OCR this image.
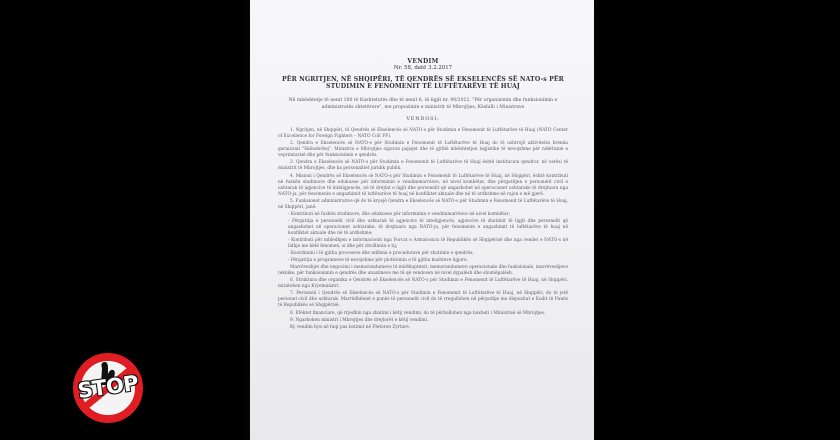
VENDIM
Nr. 58, datë 3.2.2017
PËR NGRITJEN, NË SHQIPËRI, TË QENDRËS SË EKSELENCËS SË NATO-s PËR
STUDIMIN E FENOMENIT TË LUFTËTARËVE TË HUAJ
Në mbështetje të nenit 100 të Kushtetutës dhe të nenit 6, të ligjit nr. 90/2012, "Për organizimin dhe funksionimin e administratës shtetërore", me propozimin e ministrit të Mbrojtjes, Këshilli i Ministrave
VENDOSI:
1. Ngritjen, në Shqipëri, të Qendrës së Ekselencës së NATO-s për Studimin e Fenomenit të Luftëtarëve të Huaj (NATO Center of Excellence for Foreign Fighters – NATO CoE FF).
2. Qendra e Ekselencës së NATO-s për Studimin e Fenomenit të Luftëtarëve të Huaj do të ushtrojë aktivitetin brenda garnizonit "Skënderbej". Ministria e Mbrojtjes siguron pajisjet dhe të gjithë mbështetjen logjistike të nevojshme për ndërtimin e veprimtarisë dhe për funksionimin e qendrës.
3. Qendra e Ekselencës së NATO-s për Studimin e Fenomenit të Luftëtarëve të Huaj është institucion qendror, në varësi të ministrit të Mbrojtjes, dhe ka personalitet juridik publik.
4. Misioni i Qendrës së Ekselencës së NATO-s për Studimin e Fenomenit të Luftëtarëve të Huaj, në Shqipëri, është kontributi në fushën studimore dhe edukuese për informimin e vendimmarrësve, në nivel kombëtar, dhe përgatitjen e personelit civil e ushtarak të agjencive të inteligjencës, në të drejtat e ligjit dhe personelit që angazhohet në operacionet ushtarake të drejtuara nga NATO-ja, për fenomenin e angazhimit të luftëtarëve të huaj në konfliktet aktuale dhe në të ardhshme në rajon e më gjerë.
5. Funksionet administrative që do të kryejë Qendra e Ekselencës së NATO-s për Studimin e Fenomenit të Luftëtarëve të Huaj, në Shqipëri, janë:
- Kontributi në fushën studimore, dhe edukuese për informimin e vendimmarrësve në nivel kombëtar;
- Përgatitja e personelit civil dhe ushtarak të agjencive të inteligjencës, agjencive të zbatimit të ligjit dhe personelit që angazhohet në operacionet ushtarake, të drejtuara nga NATO-ja, për fenomenin e angazhimit të luftëtarëve të huaj në konfliktet aktuale dhe në të ardhshme;
- Kontributi për mbledhjen e informacionit nga Forcat e Armatosura të Republikës së Shqipërisë dhe nga vendet e NATO-s në lidhje me këtë fenomen, si dhe për zhvillimin e tij;
- Koordinimi i të gjitha proceseve dhe ndihma e procedurave për zbatimin e qendrës;
- Përgatitja e programeve të nevojshme për plotësimin e të gjitha kushteve ligjore.
Marrëveshjet dhe negocimi i memorandumeve të mirëkuptimit, memorandumeve operacionale dhe funksionale, marrëveshjeve teknike, për funksionimin e qendrës dhe unazimeve me të që vendosen në nivel dypalësh dhe shumëpalësh.
6. Struktura dhe organika e Qendrës së Ekselencës së NATO-s për Studimin e Fenomenit të Luftëtarëve të Huaj, në Shqipëri, miratohen nga Kryeministri.
7. Personeli i Qendrës së Ekselencës së NATO-s për Studimin e Fenomenit të Luftëtarëve të Huaj, në Shqipëri, do të jetë personel civil dhe ushtarak. Marrëdhëniet e punës të personelit civil do të rregullohen në përputhje me dispozitat e Kodit të Punës të Republikës së Shqipërisë.
8. Efektet financiare, që rrjedhin nga zbatimi i këtij vendimi, do të përballohen nga buxheti i Ministrisë së Mbrojtjes.
9. Ngarkohen ministri i Mbrojtjes dhe drejtorët e këtij vendimi.
Ky vendim hyn në fuqi pas botimit në Fletoren Zyrtare.
STOP
